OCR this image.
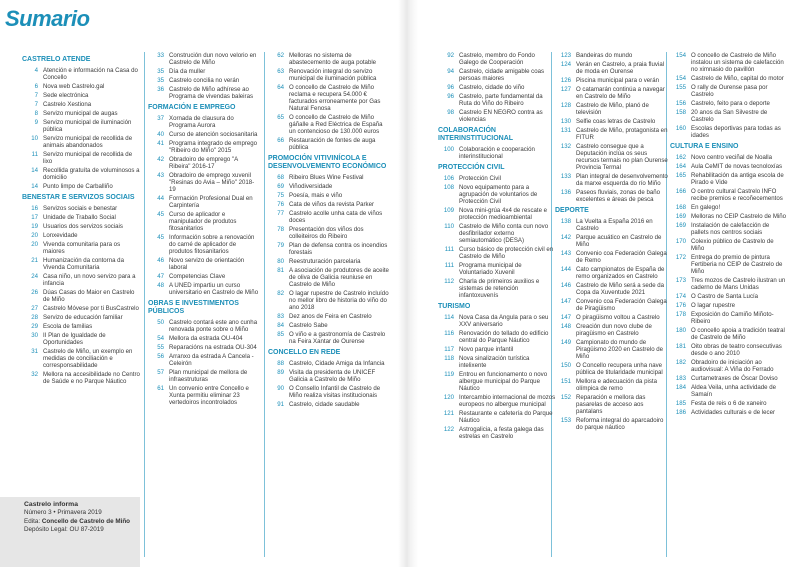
Sumario
CASTRELO ATENDE
4 Atención e información na Casa do Concello
6 Nova web Castrelo.gal
7 Sede electrónica
7 Castrelo Xestiona
8 Servizo municipal de augas
9 Servizo municipal de iluminación pública
10 Servizo municipal de recollida de animais abandonados
11 Servizo municipal de recollida de lixo
14 Recollida gratuíta de voluminosos a domicilio
14 Punto limpo de Carballiño
BENESTAR E SERVIZOS SOCIAIS
16 Servizos sociais e benestar
17 Unidade de Traballo Social
19 Usuarios dos servizos sociais
20 Lonxevidade
20 Vivenda comunitaria para os maiores
21 Humanización da contorna da Vivenda Comunitaria
24 Casa niño, un novo servizo para a infancia
26 Dúas Casas do Maior en Castrelo de Miño
27 Castrelo Móvese por ti BusCastrelo
28 Servizo de educación familiar
29 Escola de familias
30 II Plan de Igualdade de Oportunidades
31 Castrelo de Miño, un exemplo en medidas de conciliación e corresponsabilidade
32 Mellora na accesibilidade no Centro de Saúde e no Parque Náutico
33 Construción dun novo velorio en Castrelo de Miño
35 Día da muller
35 Castrelo concilia no verán
36 Castrelo de Miño adhírese ao Programa de vivendas baleiras
FORMACIÓN E EMPREGO
37 Xornada de clausura do Programa Aurora
40 Curso de atención sociosanitaria
41 Programa integrado de emprego "Ribeiro do Miño" 2015
42 Obradoiro de emprego "A Ribeira" 2016-17
43 Obradoiro de emprego xuvenil "Resinas do Avia – Miño" 2018-19
44 Formación Profesional Dual en Carpintería
45 Curso de aplicador e manipulador de produtos fitosanitarios
45 Información sobre a renovación do carné de aplicador de produtos fitosanitarios
46 Novo servizo de orientación laboral
47 Competencias Clave
48 A UNED impartiu un curso universitario en Castrelo de Miño
OBRAS E INVESTIMENTOS PÚBLICOS
50 Castrelo contará este ano cunha renovada ponte sobre o Miño
54 Mellora da estrada OU-404
55 Reparacións na estrada OU-304
56 Arranxo da estrada A Cancela - Celeirón
57 Plan municipal de mellora de infraestruturas
61 Un convenio entre Concello e Xunta permitiu eliminar 23 vertedoiros incontrolados
62 Melloras no sistema de abastecemento de auga potable
63 Renovación integral do servizo municipal de iluminación pública
64 O concello de Castrelo de Miño reclama e recupera 54.000 € facturados erroneamente por Gas Natural Fenosa
65 O concello de Castrelo de Miño gáñalle a Red Eléctrica de España un contencioso de 130.000 euros
66 Restauración de fontes de auga pública
PROMOCIÓN VITIVINÍCOLA E DESENVOLVEMENTO ECONÓMICO
68 Ribeiro Blues Wine Festival
69 Viñodiversidade
75 Poesía, mais e viño
76 Cata de viños da revista Parker
77 Castrelo acolle unha cata de viños doces
78 Presentación dos viños dos colleiteiros do Ribeiro
79 Plan de defensa contra os incendios forestais
80 Reestruturación parcelaria
81 A asociación de produtores de aceite de oliva de Galicia reuniuse en Castrelo de Miño
82 O lagar rupestre de Castrelo incluído no mellor libro de historia do viño do ano 2018
83 Dez anos de Feira en Castrelo
84 Castrelo Sabe
85 O viño e a gastronomía de Castrelo na Feira Xantar de Ourense
CONCELLO EN REDE
88 Castrelo, Cidade Amiga da Infancia
89 Visita da presidenta de UNICEF Galicia a Castrelo de Miño
90 O Consello Infantil de Castrelo de Miño realiza visitas institucionais
91 Castrelo, cidade saudable
92 Castrelo, membro do Fondo Galego de Cooperación
94 Castrelo, cidade amigable coas persoas maiores
96 Castrelo, cidade do viño
96 Castrelo, parte fundamental da Ruta do Viño do Ribeiro
98 Castrelo EN NEGRO contra as violencias
COLABORACIÓN INTERINSTITUCIONAL
100 Colaboración e cooperación interinstitucional
PROTECCIÓN CIVIL
106 Protección Civil
108 Novo equipamento para a agrupación de voluntarios de Protección Civil
109 Nova mini-grúa 4x4 de rescate e protección medioambiental
110 Castrelo de Miño conta cun novo desfibrilador externo semiautomático (DESA)
111 Curso básico de protección civil en Castrelo de Miño
111 Programa municipal de Voluntariado Xuvenil
112 Charla de primeiros auxilios e sistemas de retención infantoxuvenís
TURISMO
114 Nova Casa da Angula para o seu XXV aniversario
116 Renovación do tellado do edificio central do Parque Náutico
117 Novo parque infantil
118 Nova sinalización turística intelixente
119 Entrou en funcionamento o novo albergue municipal do Parque Náutico
120 Intercambio internacional de mozos europeos no albergue municipal
121 Restaurante e cafetería do Parque Náutico
122 Astrogalicia, a festa galega das estrelas en Castrelo
123 Bandeiras do mundo
124 Verán en Castrelo, a praia fluvial de moda en Ourense
126 Piscina municipal para o verán
127 O catamarán continúa a navegar en Castrelo de Miño
128 Castrelo de Miño, planó de televisión
130 Selfie coas letras de Castrelo
131 Castrelo de Miño, protagonista en FITUR
132 Castrelo consegue que a Deputación inclúa os seus recursos termais no plan Ourense Provincia Termal
133 Plan integral de desenvolvemento da marxe esquerda do río Miño
136 Paseos fluviais, zonas de baño excelentes e áreas de pesca
DEPORTE
138 La Vuelta a España 2016 en Castrelo
142 Parque acuático en Castrelo de Miño
143 Convenio coa Federación Galega de Remo
144 Cato campionatos de España de remo organizados en Castrelo
146 Castrelo de Miño será a sede da Copa da Xuventude 2021
147 Convenio coa Federación Galega de Piragüismo
147 O piragüismo voltou a Castrelo
148 Creación dun novo clube de piragüismo en Castrelo
149 Campionato do mundo de Piragüismo 2020 en Castrelo de Miño
150 O Concello recupera unha nave pública de titularidade municipal
151 Mellora e adecuación da pista olímpica de remo
152 Reparación e mellora das pasarelas de acceso aos pantalans
153 Reforma integral do aparcadoiro do parque náutico
154 O concello de Castrelo de Miño instalou un sistema de calefacción no ximnasio do pavillón
154 Castrelo de Miño, capital do motor
155 O rally de Ourense pasa por Castrelo
156 Castrelo, feito para o deporte
158 20 anos da San Silvestre de Castrelo
160 Escolas deportivas para todas as idades
CULTURA E ENSINO
162 Novo centro veciñal de Noalla
164 Aula CeMIT de novas tecnoloxías
165 Rehabilitación da antiga escola de Pirado e Vide
166 O centro cultural Castrelo INFO recibe premios e recoñecementos
168 En galego!
169 Melloras no CEIP Castrelo de Miño
169 Instalación de calefacción de pallets nos centros sociais
170 Colexio público de Castrelo de Miño
172 Entrega do premio de pintura Fertiberia no CEIP de Castrelo de Miño
173 Tres mozos de Castrelo ilustran un caderno de Mans Unidas
174 O Castro de Santa Lucía
176 O lagar rupestre
178 Exposición do Camiño Miñoto-Ribeiro
180 O concello apoia a tradición teatral de Castrelo de Miño
181 Oito obras de teatro consecutivas desde o ano 2010
182 Obradoiro de iniciación ao audiovisual: A Viña do Ferrado
183 Curtametraxes de Óscar Doviso
184 Aldea Veila, unha actividade de Samaín
185 Festa de reis o 6 de xaneiro
186 Actividades culturais e de lecer
Castrelo informa
Número 3 • Primavera 2019
Edita: Concello de Castrelo de Miño
Depósito Legal: OU 87-2019
